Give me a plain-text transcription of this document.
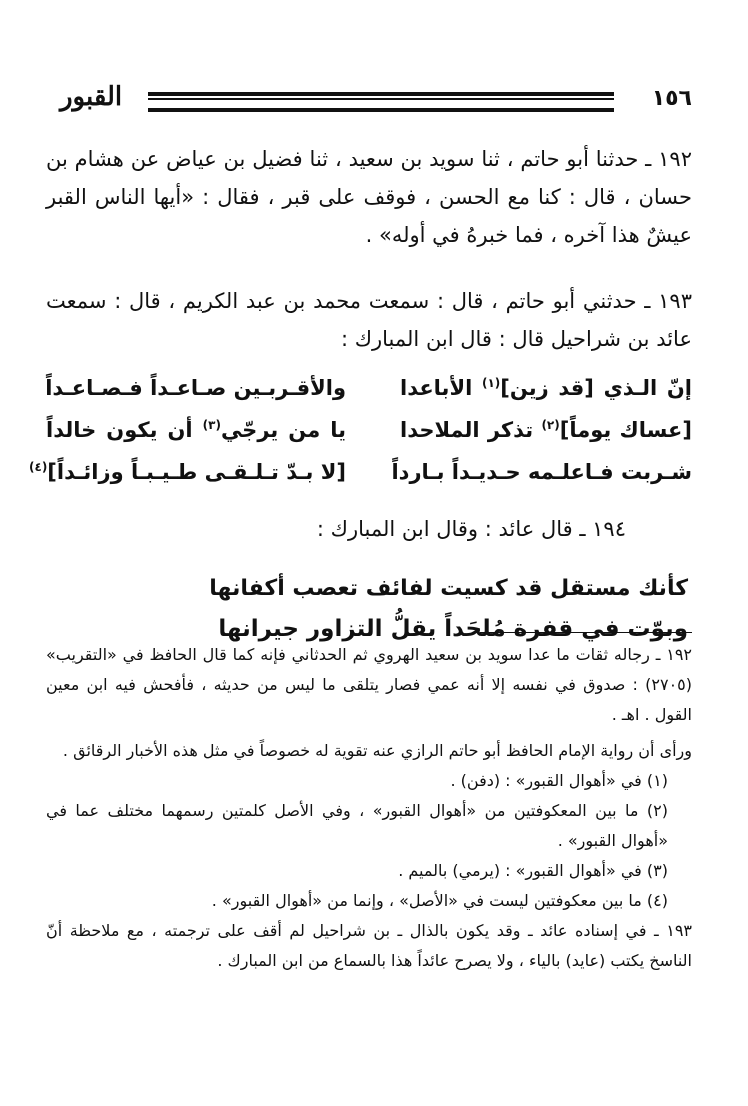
١٥٦
القبور

١٩٢ ـ حدثنا أبو حاتم ، ثنا سويد بن سعيد ، ثنا فضيل بن عياض عن هشام بن حسان ، قال : كنا مع الحسن ، فوقف على قبر ، فقال : «أيها الناس القبر عيشٌ هذا آخره ، فما خبرهُ في أوله» .

١٩٣ ـ حدثني أبو حاتم ، قال : سمعت محمد بن عبد الكريم ، قال : سمعت عائد بن شراحيل قال : قال ابن المبارك :

إنّ الـذي [قد زين]$^{(١)}$ الأباعدا
والأقـربـين صـاعـداً فـصـاعـداً
[عساك يوماً]$^{(٢)}$ تذكر الملاحدا
يا من يرجّي$^{(٣)}$ أن يكون خالداً
شـربت فـاعلـمه حـديـداً بـارداً
[لا بـدّ تـلـقـى طـيـبـاً وزائـداً]$^{(٤)}$

١٩٤ ـ قال عائد : وقال ابن المبارك :

كأنك مستقل قد كسيت لفائف تعصب أكفانها
وبوّت في قفرة مُلحَداً يقلُّ التزاور جيرانها

١٩٢ ـ رجاله ثقات ما عدا سويد بن سعيد الهروي ثم الحدثاني فإنه كما قال الحافظ في «التقريب» (٢٧٠٥) : صدوق في نفسه إلا أنه عمي فصار يتلقى ما ليس من حديثه ، فأفحش فيه ابن معين القول . اهـ .

ورأى أن رواية الإمام الحافظ أبو حاتم الرازي عنه تقوية له خصوصاً في مثل هذه الأخبار الرقائق .

(١) في «أهوال القبور» : (دفن) .

(٢) ما بين المعكوفتين من «أهوال القبور» ، وفي الأصل كلمتين رسمهما مختلف عما في «أهوال القبور» .

(٣) في «أهوال القبور» : (يرمي) بالميم .

(٤) ما بين معكوفتين ليست في «الأصل» ، وإنما من «أهوال القبور» .

١٩٣ ـ في إسناده عائد ـ وقد يكون بالذال ـ بن شراحيل لم أقف على ترجمته ، مع ملاحظة أنّ الناسخ يكتب (عايد) بالياء ، ولا يصرح عائداً هذا بالسماع من ابن المبارك .
